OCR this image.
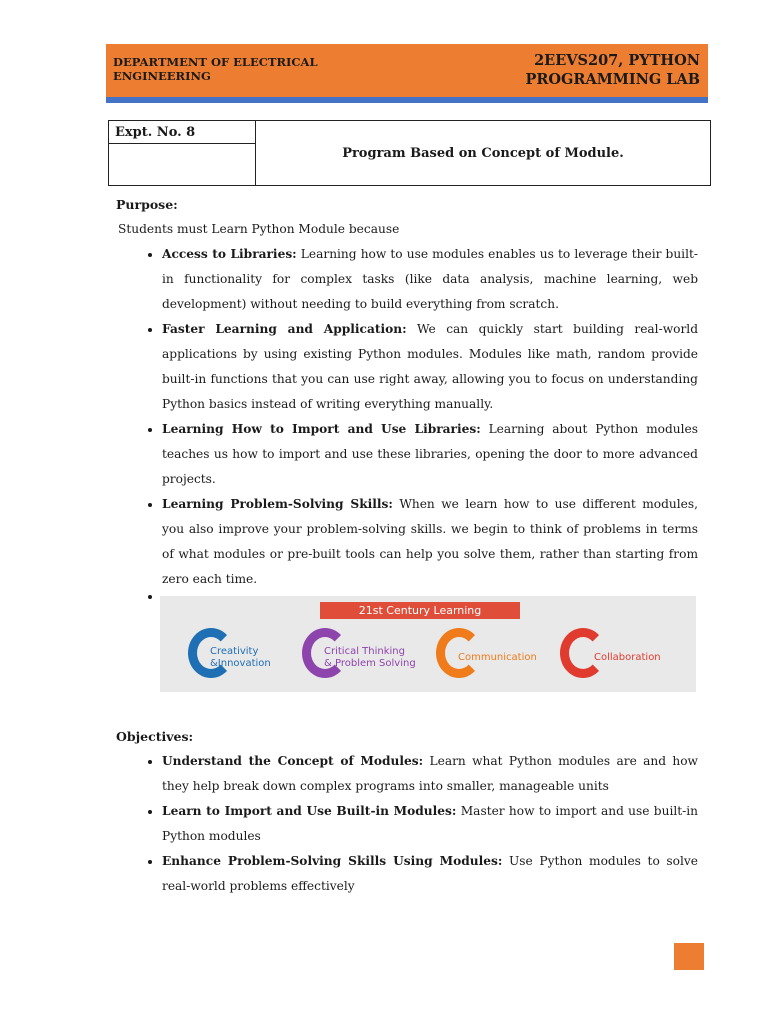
DEPARTMENT OF ELECTRICAL ENGINEERING
2EEVS207, PYTHON PROGRAMMING LAB
Expt. No. 8	Program Based on Concept of Module.

Purpose:

Students must Learn Python Module because

• Access to Libraries: Learning how to use modules enables us to leverage their built-in functionality for complex tasks (like data analysis, machine learning, web development) without needing to build everything from scratch.
• Faster Learning and Application: We can quickly start building real-world applications by using existing Python modules. Modules like math, random provide built-in functions that you can use right away, allowing you to focus on understanding Python basics instead of writing everything manually.
• Learning How to Import and Use Libraries: Learning about Python modules teaches us how to import and use these libraries, opening the door to more advanced projects.
• Learning Problem-Solving Skills: When we learn how to use different modules, you also improve your problem-solving skills. we begin to think of problems in terms of what modules or pre-built tools can help you solve them, rather than starting from zero each time.
• 21st Century Learning
Creativity
&Innovation
Critical Thinking
& Problem Solving
Communication	Collaboration

Objectives:

• Understand the Concept of Modules: Learn what Python modules are and how they help break down complex programs into smaller, manageable units
• Learn to Import and Use Built-in Modules: Master how to import and use built-in Python modules
• Enhance Problem-Solving Skills Using Modules: Use Python modules to solve real-world problems effectively
